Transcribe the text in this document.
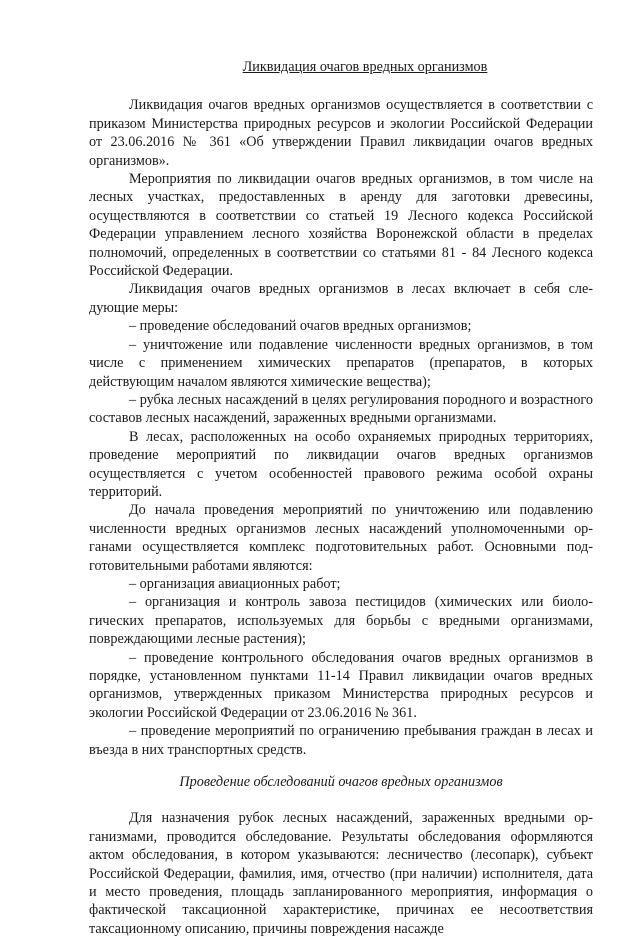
Ликвидация очагов вредных организмов

Ликвидация очагов вредных организмов осуществляется в соответствии с приказом Министерства природных ресурсов и экологии Российской Федерации от 23.06.2016 № 361 «Об утверждении Правил ликвидации очагов вредных организмов».

Мероприятия по ликвидации очагов вредных организмов, в том числе на лесных участках, предоставленных в аренду для заготовки древесины, осуществляются в соответствии со статьей 19 Лесного кодекса Российской Федерации управлением лесного хозяйства Воронежской области в пределах полномочий, определенных в соответствии со статьями 81 - 84 Лесного кодекса Российской Федерации.

Ликвидация очагов вредных организмов в лесах включает в себя следующие меры:

– проведение обследований очагов вредных организмов;

– уничтожение или подавление численности вредных организмов, в том числе с применением химических препаратов (препаратов, в которых действующим началом являются химические вещества);

– рубка лесных насаждений в целях регулирования породного и возрастного составов лесных насаждений, зараженных вредными организмами.

В лесах, расположенных на особо охраняемых природных территориях, проведение мероприятий по ликвидации очагов вредных организмов осуществляется с учетом особенностей правового режима особой охраны территорий.

До начала проведения мероприятий по уничтожению или подавлению численности вредных организмов лесных насаждений уполномоченными органами осуществляется комплекс подготовительных работ. Основными подготовительными работами являются:

– организация авиационных работ;

– организация и контроль завоза пестицидов (химических или биологических препаратов, используемых для борьбы с вредными организмами, повреждающими лесные растения);

– проведение контрольного обследования очагов вредных организмов в порядке, установленном пунктами 11-14 Правил ликвидации очагов вредных организмов, утвержденных приказом Министерства природных ресурсов и экологии Российской Федерации от 23.06.2016 № 361.

– проведение мероприятий по ограничению пребывания граждан в лесах и въезда в них транспортных средств.

Проведение обследований очагов вредных организмов

Для назначения рубок лесных насаждений, зараженных вредными организмами, проводится обследование. Результаты обследования оформляются актом обследования, в котором указываются: лесничество (лесопарк), субъект Российской Федерации, фамилия, имя, отчество (при наличии) исполнителя, дата и место проведения, площадь запланированного мероприятия, информация о фактической таксационной характеристике, причинах ее несоответствия таксационному описанию, причины повреждения насажде
